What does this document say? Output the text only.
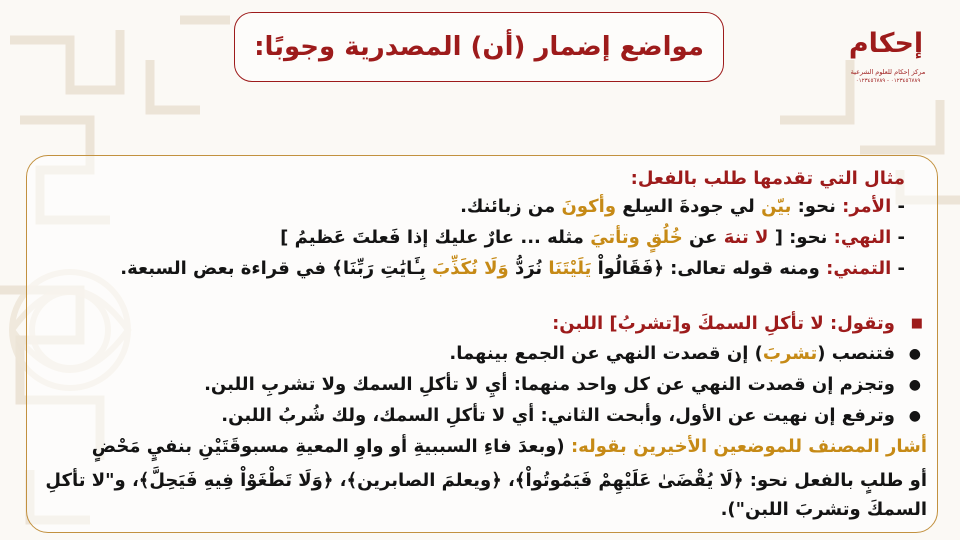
مواضع إضمار (أن) المصدرية وجوبًا:	إحكام
مركز إحكام للعلوم الشرعية
٠١٢٣٤٥٦٧٨٩ - ٠١٢٣٤٥٦٧٨٩
مثال التي تقدمها طلب بالفعل:
- الأمر: نحو: بيّن لي جودةَ السِلع وأكونَ من زبائنك.
- النهي: نحو: [ لا تنهَ عن خُلُقٍ وتأتيَ مثله ... عارٌ عليك إذا فَعلتَ عَظيمُ ]
- التمني: ومنه قوله تعالى: ﴿فَقَالُواْ يَلَيْتَنَا نُرَدُّ وَلَا نُكَذِّبَ بِـَٔايَٰتِ رَبِّنَا﴾ في قراءة بعض السبعة.
■
وتقول: لا تأكلِ السمكَ و[تشربُ] اللبن:
●
فتنصب (تشربَ) إن قصدت النهي عن الجمع بينهما.
●
وتجزم إن قصدت النهي عن كل واحد منهما: أيِ لا تأكلِ السمك ولا تشربِ اللبن.
●
وترفع إن نهيت عن الأول، وأبحت الثاني: أي لا تأكلِ السمك، ولك شُربُ اللبن.
أشار المصنف للموضعين الأخيرين بقوله: (وبعدَ فاءِ السببيةِ أو واوِ المعيةِ مسبوقَتَيْنِ بنفيٍ مَحْضٍ
أو طلبٍ بالفعل نحو: ﴿لَا يُقْضَىٰ عَلَيْهِمْ فَيَمُوتُواْ﴾، ﴿ويعلمَ الصابرين﴾، ﴿وَلَا تَطْغَوْاْ فِيهِ فَيَحِلَّ﴾، و"لا تأكلِ
السمكَ وتشربَ اللبن").
